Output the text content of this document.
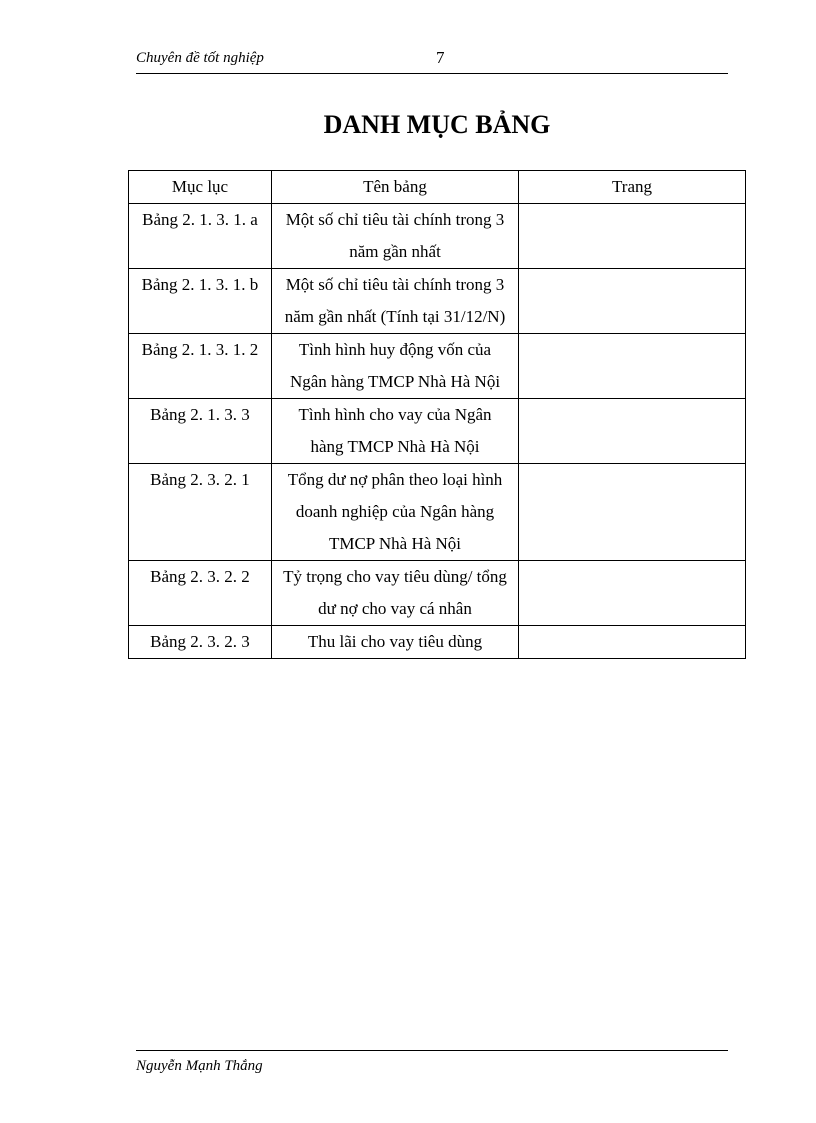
Chuyên đề tốt nghiệp	7
DANH MỤC BẢNG
Mục lục	Tên bảng	Trang
Bảng 2. 1. 3. 1. a	Một số chỉ tiêu tài chính trong 3 năm gần nhất	
Bảng 2. 1. 3. 1. b	Một số chỉ tiêu tài chính trong 3 năm gần nhất (Tính tại 31/12/N)	
Bảng 2. 1. 3. 1. 2	Tình hình huy động vốn của Ngân hàng TMCP Nhà Hà Nội	
Bảng 2. 1. 3. 3	Tình hình cho vay của Ngân hàng TMCP Nhà Hà Nội	
Bảng 2. 3. 2. 1	Tổng dư nợ phân theo loại hình doanh nghiệp của Ngân hàng TMCP Nhà Hà Nội	
Bảng 2. 3. 2. 2	Tỷ trọng cho vay tiêu dùng/ tổng dư nợ cho vay cá nhân	
Bảng 2. 3. 2. 3	Thu lãi cho vay tiêu dùng	
Nguyễn Mạnh Thắng
